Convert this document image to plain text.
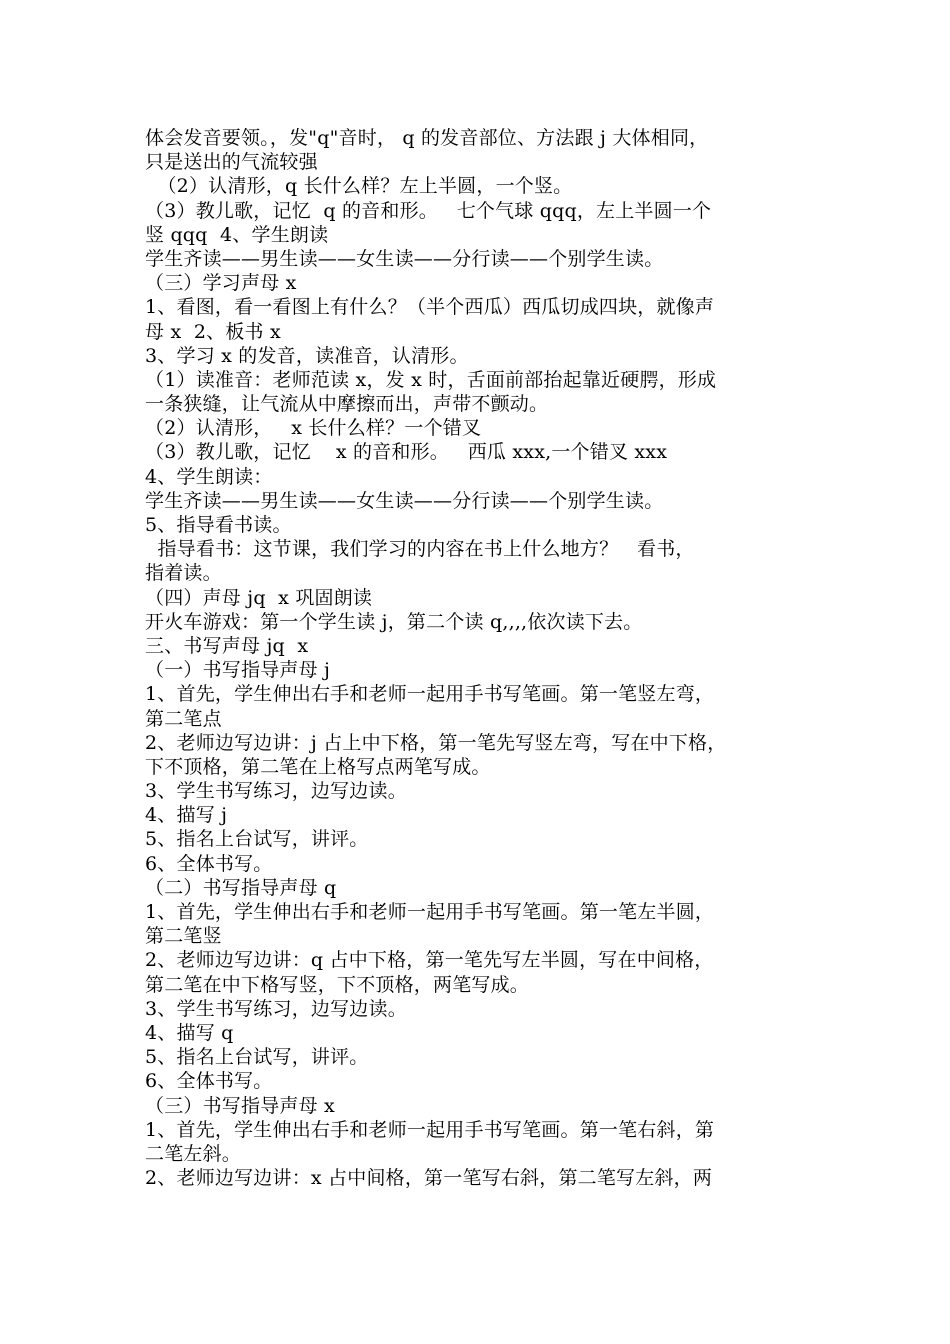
体会发音要领。，发"q"音时， q 的发音部位、方法跟 j 大体相同，
只是送出的气流较强
（2）认清形，q 长什么样？左上半圆，一个竖。
（3）教儿歌，记忆  q 的音和形。   七个气球 qqq，左上半圆一个
竖 qqq  4、学生朗读
学生齐读——男生读——女生读——分行读——个别学生读。
（三）学习声母 x
1、看图，看一看图上有什么？（半个西瓜）西瓜切成四块，就像声
母 x  2、板书 x
3、学习 x 的发音，读准音，认清形。
（1）读准音：老师范读 x，发 x 时，舌面前部抬起靠近硬腭，形成
一条狭缝，让气流从中摩擦而出，声带不颤动。
（2）认清形，   x 长什么样？一个错叉
（3）教儿歌，记忆    x 的音和形。   西瓜 xxx,一个错叉 xxx
4、学生朗读：
学生齐读——男生读——女生读——分行读——个别学生读。
5、指导看书读。
指导看书：这节课，我们学习的内容在书上什么地方？   看书，
指着读。
（四）声母 jq  x 巩固朗读
开火车游戏：第一个学生读 j，第二个读 q,,,,依次读下去。
三、书写声母 jq  x
（一）书写指导声母 j
1、首先，学生伸出右手和老师一起用手书写笔画。第一笔竖左弯，
第二笔点
2、老师边写边讲：j 占上中下格，第一笔先写竖左弯，写在中下格，
下不顶格，第二笔在上格写点两笔写成。
3、学生书写练习，边写边读。
4、描写 j
5、指名上台试写，讲评。
6、全体书写。
（二）书写指导声母 q
1、首先，学生伸出右手和老师一起用手书写笔画。第一笔左半圆，
第二笔竖
2、老师边写边讲：q 占中下格，第一笔先写左半圆，写在中间格，
第二笔在中下格写竖，下不顶格，两笔写成。
3、学生书写练习，边写边读。
4、描写 q
5、指名上台试写，讲评。
6、全体书写。
（三）书写指导声母 x
1、首先，学生伸出右手和老师一起用手书写笔画。第一笔右斜，第
二笔左斜。
2、老师边写边讲：x 占中间格，第一笔写右斜，第二笔写左斜，两
